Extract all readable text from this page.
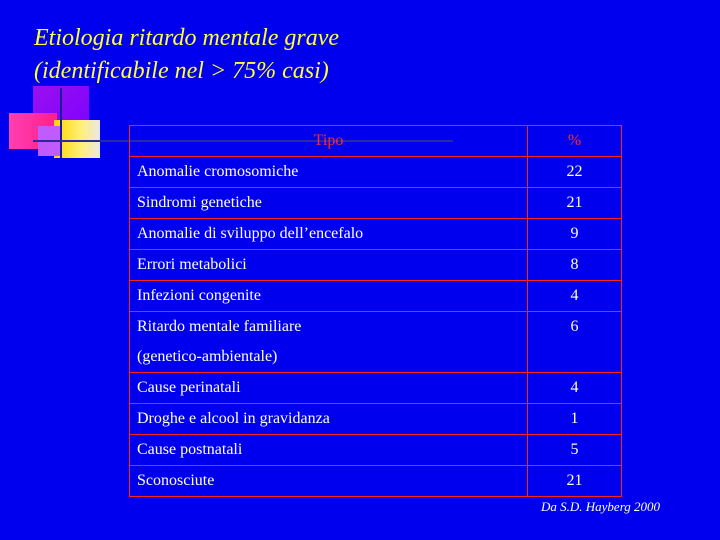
Etiologia ritardo mentale grave
(identificabile nel > 75% casi)
Tipo	%
Anomalie cromosomiche	22
Sindromi genetiche	21
Anomalie di sviluppo dell’encefalo	9
Errori metabolici	8
Infezioni congenite	4

Ritardo mentale familiare
(genetico-ambientale)	6
Cause perinatali	4
Droghe e alcool in gravidanza	1
Cause postnatali	5
Sconosciute	21
Da S.D. Hayberg 2000
